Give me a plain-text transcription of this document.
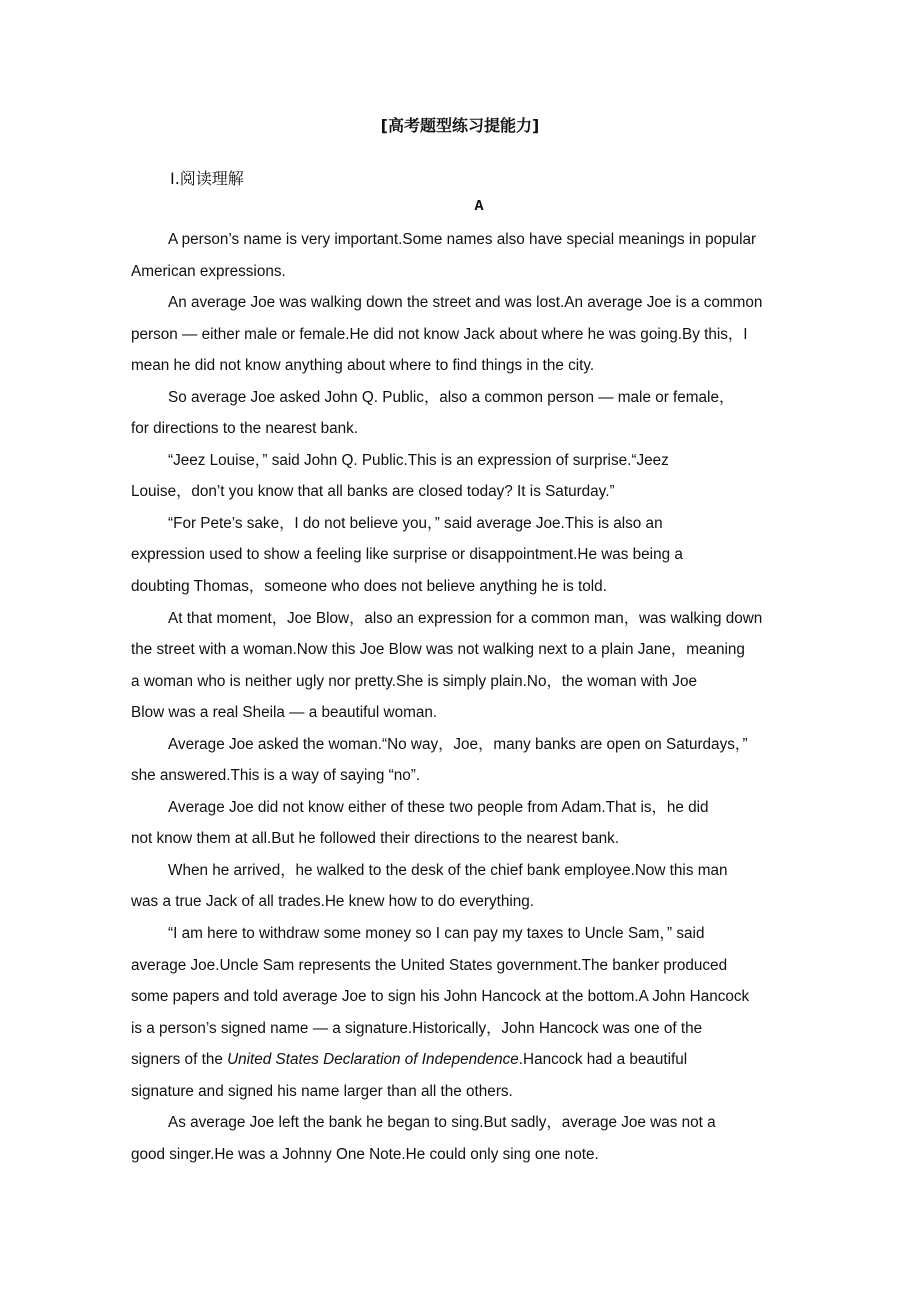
[高考题型练习提能力]
Ⅰ.阅读理解
A
A person’s name is very important.Some names also have special meanings in popular
American expressions.
An average Joe was walking down the street and was lost.An average Joe is a common
person — either male or female.He did not know Jack about where he was going.By this，I
mean he did not know anything about where to find things in the city.
So average Joe asked John Q. Public，also a common person — male or female，
for directions to the nearest bank.
“Jeez Louise，” said John Q. Public.This is an expression of surprise.“Jeez
Louise，don’t you know that all banks are closed today? It is Saturday.”
“For Pete’s sake，I do not believe you，” said average Joe.This is also an
expression used to show a feeling like surprise or disappointment.He was being a
doubting Thomas，someone who does not believe anything he is told.
At that moment，Joe Blow，also an expression for a common man，was walking down
the street with a woman.Now this Joe Blow was not walking next to a plain Jane，meaning
a woman who is neither ugly nor pretty.She is simply plain.No，the woman with Joe
Blow was a real Sheila — a beautiful woman.
Average Joe asked the woman.“No way，Joe，many banks are open on Saturdays，”
she answered.This is a way of saying “no”.
Average Joe did not know either of these two people from Adam.That is，he did
not know them at all.But he followed their directions to the nearest bank.
When he arrived，he walked to the desk of the chief bank employee.Now this man
was a true Jack of all trades.He knew how to do everything.
“I am here to withdraw some money so I can pay my taxes to Uncle Sam，” said
average Joe.Uncle Sam represents the United States government.The banker produced
some papers and told average Joe to sign his John Hancock at the bottom.A John Hancock
is a person’s signed name — a signature.Historically，John Hancock was one of the
signers of the United States Declaration of Independence.Hancock had a beautiful
signature and signed his name larger than all the others.
As average Joe left the bank he began to sing.But sadly，average Joe was not a
good singer.He was a Johnny One Note.He could only sing one note.
